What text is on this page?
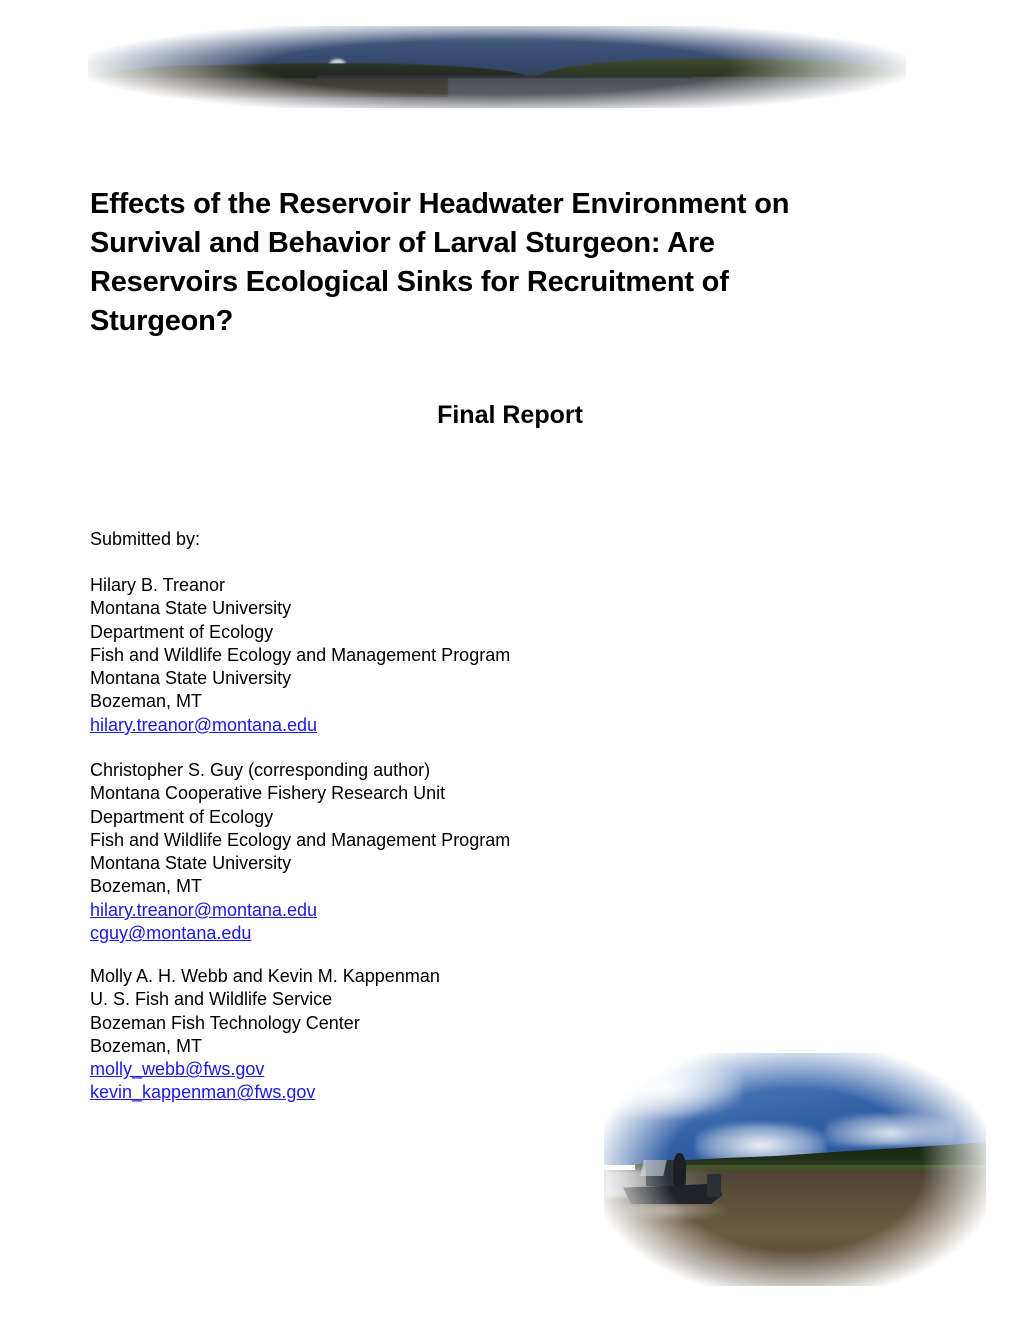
Effects of the Reservoir Headwater Environment on
Survival and Behavior of Larval Sturgeon: Are
Reservoirs Ecological Sinks for Recruitment of
Sturgeon?
Final Report
Submitted by:
Hilary B. Treanor
Montana State University
Department of Ecology
Fish and Wildlife Ecology and Management Program
Montana State University
Bozeman, MT
hilary.treanor@montana.edu
Christopher S. Guy (corresponding author)
Montana Cooperative Fishery Research Unit
Department of Ecology
Fish and Wildlife Ecology and Management Program
Montana State University
Bozeman, MT
hilary.treanor@montana.edu
cguy@montana.edu
Molly A. H. Webb and Kevin M. Kappenman
U. S. Fish and Wildlife Service
Bozeman Fish Technology Center
Bozeman, MT
molly_webb@fws.gov
kevin_kappenman@fws.gov
